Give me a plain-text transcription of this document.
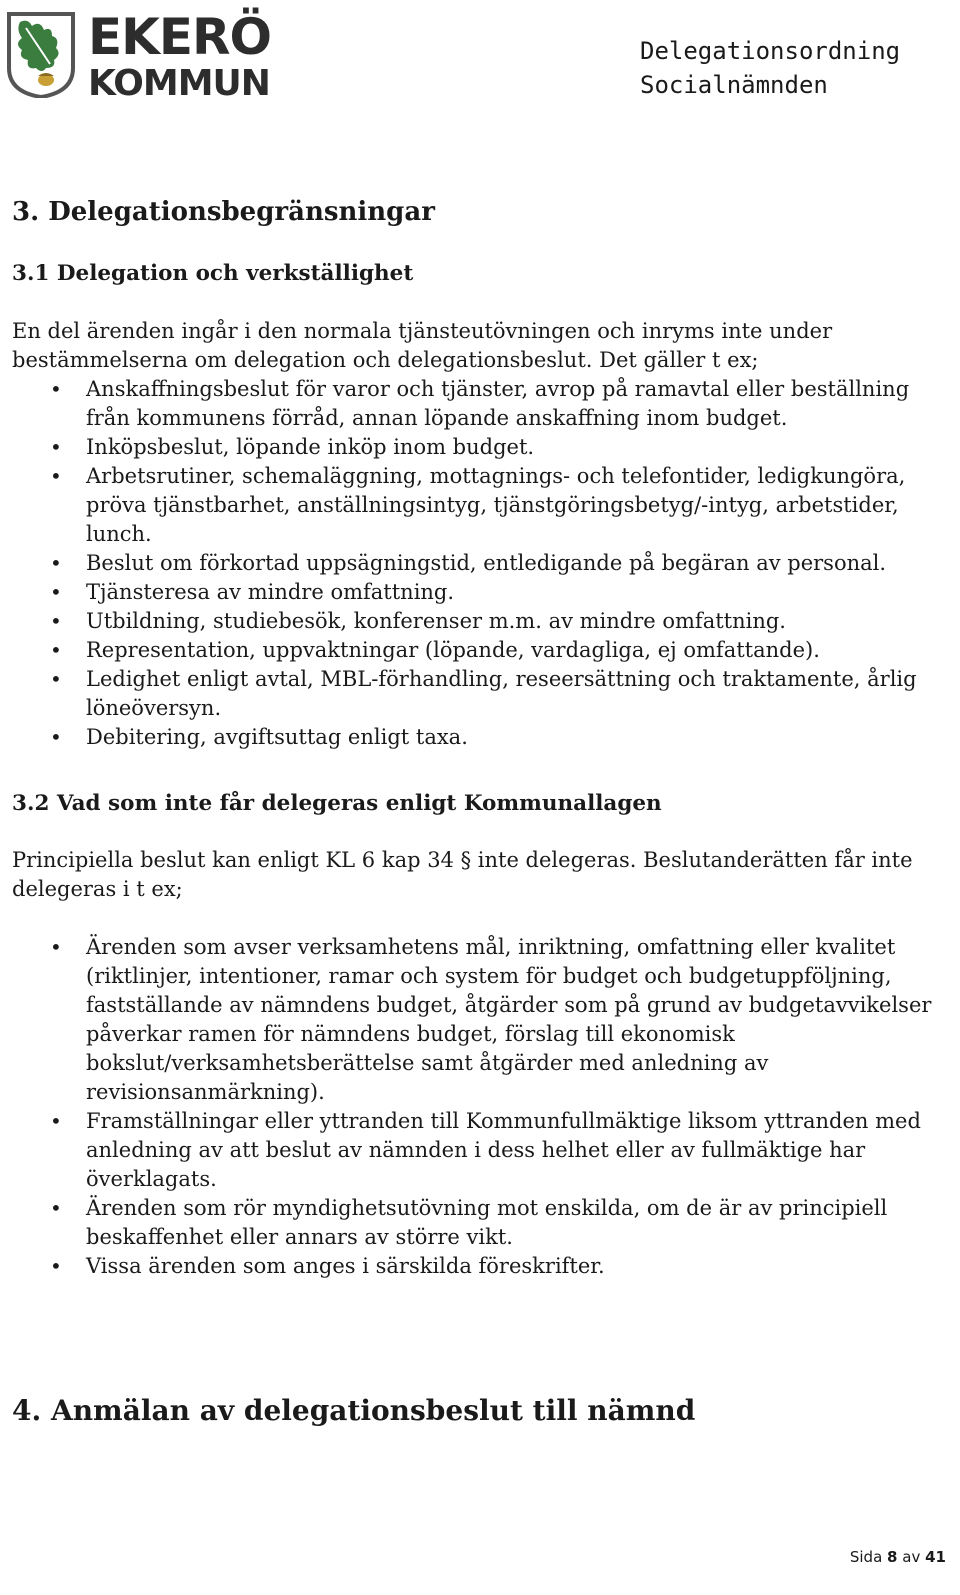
EKERÖ
KOMMUN
Delegationsordning
Socialnämnden
3. Delegationsbegränsningar
3.1 Delegation och verkställighet

En del ärenden ingår i den normala tjänsteutövningen och inryms inte under bestämmelserna om delegation och delegationsbeslut. Det gäller t ex;

• Anskaffningsbeslut för varor och tjänster, avrop på ramavtal eller beställning från kommunens förråd, annan löpande anskaffning inom budget.
• Inköpsbeslut, löpande inköp inom budget.
• Arbetsrutiner, schemaläggning, mottagnings- och telefontider, ledigkungöra, pröva tjänstbarhet, anställningsintyg, tjänstgöringsbetyg/-intyg, arbetstider, lunch.
• Beslut om förkortad uppsägningstid, entledigande på begäran av personal.
• Tjänsteresa av mindre omfattning.
• Utbildning, studiebesök, konferenser m.m. av mindre omfattning.
• Representation, uppvaktningar (löpande, vardagliga, ej omfattande).
• Ledighet enligt avtal, MBL-förhandling, reseersättning och traktamente, årlig löneöversyn.
• Debitering, avgiftsuttag enligt taxa.
3.2 Vad som inte får delegeras enligt Kommunallagen

Principiella beslut kan enligt KL 6 kap 34 § inte delegeras. Beslutanderätten får inte delegeras i t ex;

• Ärenden som avser verksamhetens mål, inriktning, omfattning eller kvalitet (riktlinjer, intentioner, ramar och system för budget och budgetuppföljning, fastställande av nämndens budget, åtgärder som på grund av budgetavvikelser påverkar ramen för nämndens budget, förslag till ekonomisk bokslut/verksamhetsberättelse samt åtgärder med anledning av revisionsanmärkning).
• Framställningar eller yttranden till Kommunfullmäktige liksom yttranden med anledning av att beslut av nämnden i dess helhet eller av fullmäktige har överklagats.
• Ärenden som rör myndighetsutövning mot enskilda, om de är av principiell beskaffenhet eller annars av större vikt.
• Vissa ärenden som anges i särskilda föreskrifter.
4. Anmälan av delegationsbeslut till nämnd
Sida 8 av 41
